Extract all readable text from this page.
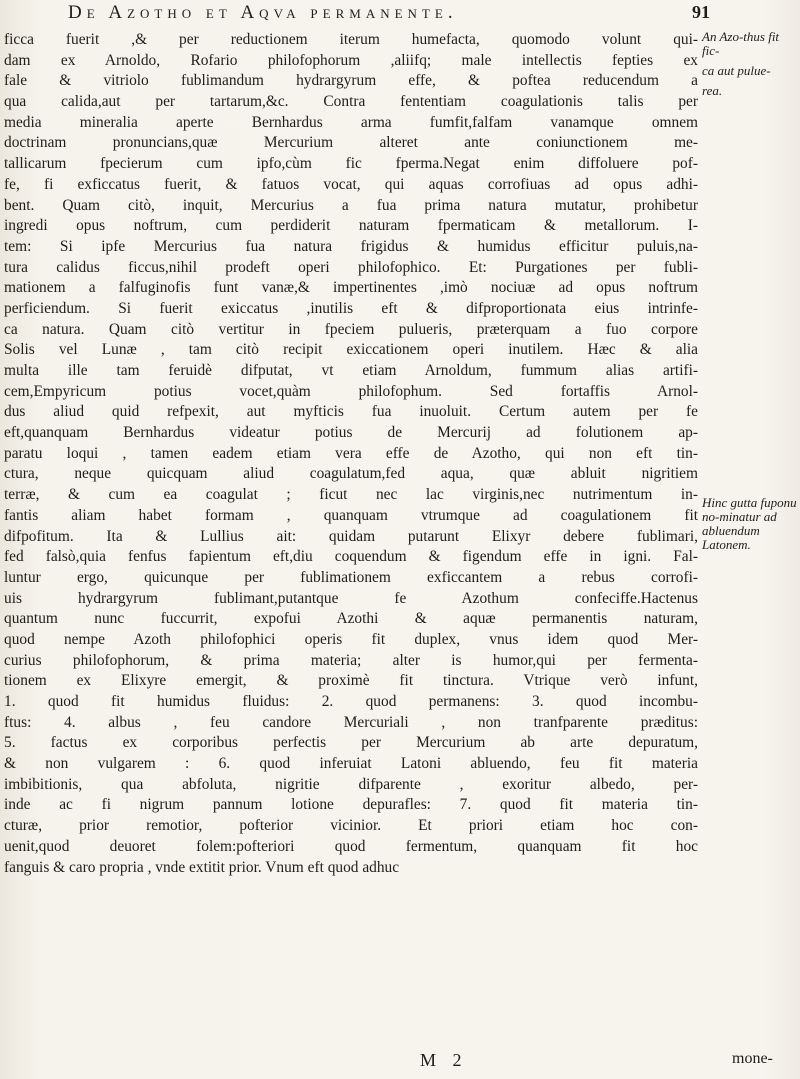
De Azotho et Aqva permanente.	91
ficca fuerit ,& per reductionem iterum humefacta, quomodo volunt qui-
dam ex Arnoldo, Rofario philofophorum ,aliifq; male intellectis fepties ex
fale & vitriolo fublimandum hydrargyrum effe, & poftea reducendum a
qua calida,aut per tartarum,&c. Contra fententiam coagulationis talis per
media mineralia aperte Bernhardus arma fumfit,falfam vanamque omnem
doctrinam pronuncians,quæ Mercurium alteret ante coniunctionem me-
tallicarum fpecierum cum ipfo,cùm fic fperma.Negat enim diffoluere pof-
fe, fi exficcatus fuerit, & fatuos vocat, qui aquas corrofiuas ad opus adhi-
bent. Quam citò, inquit, Mercurius a fua prima natura mutatur, prohibetur
ingredi opus noftrum, cum perdiderit naturam fpermaticam & metallorum. I-
tem: Si ipfe Mercurius fua natura frigidus & humidus efficitur puluis,na-
tura calidus ficcus,nihil prodeft operi philofophico. Et: Purgationes per fubli-
mationem a falfuginofis funt vanæ,& impertinentes ,imò nociuæ ad opus noftrum
perficiendum. Si fuerit exiccatus ,inutilis eft & difproportionata eius intrinfe-
ca natura. Quam citò vertitur in fpeciem pulueris, præterquam a fuo corpore
Solis vel Lunæ , tam citò recipit exiccationem operi inutilem. Hæc & alia
multa ille tam feruidè difputat, vt etiam Arnoldum, fummum alias artifi-
cem,Empyricum potius vocet,quàm philofophum. Sed fortaffis Arnol-
dus aliud quid refpexit, aut myfticis fua inuoluit. Certum autem per fe
eft,quanquam Bernhardus videatur potius de Mercurij ad folutionem ap-
paratu loqui , tamen eadem etiam vera effe de Azotho, qui non eft tin-
ctura, neque quicquam aliud coagulatum,fed aqua, quæ abluit nigritiem
terræ, & cum ea coagulat ; ficut nec lac virginis,nec nutrimentum in-
fantis aliam habet formam , quanquam vtrumque ad coagulationem fit
difpofitum. Ita & Lullius ait: quidam putarunt Elixyr debere fublimari,
fed falsò,quia fenfus fapientum eft,diu coquendum & figendum effe in igni. Fal-
luntur ergo, quicunque per fublimationem exficcantem a rebus corrofi-
uis hydrargyrum fublimant,putantque fe Azothum confeciffe.Hactenus
quantum nunc fuccurrit, expofui Azothi & aquæ permanentis naturam,
quod nempe Azoth philofophici operis fit duplex, vnus idem quod Mer-
curius philofophorum, & prima materia; alter is humor,qui per fermenta-
tionem ex Elixyre emergit, & proximè fit tinctura. Vtrique verò infunt,
1. quod fit humidus fluidus: 2. quod permanens: 3. quod incombu-
ftus: 4. albus , feu candore Mercuriali , non tranfparente præditus:
5. factus ex corporibus perfectis per Mercurium ab arte depuratum,
& non vulgarem : 6. quod inferuiat Latoni abluendo, feu fit materia
imbibitionis, qua abfoluta, nigritie difparente , exoritur albedo, per-
inde ac fi nigrum pannum lotione depurafles: 7. quod fit materia tin-
cturæ, prior remotior, pofterior vicinior. Et priori etiam hoc con-
uenit,quod deuoret folem:pofteriori quod fermentum, quanquam fit hoc
fanguis & caro propria , vnde extitit prior. Vnum eft quod adhuc
An Azo-thus fit fic-
ca aut pulue-
rea.
Hinc gutta fuponu no-minatur ad abluendum Latonem.
M 2	mone-
